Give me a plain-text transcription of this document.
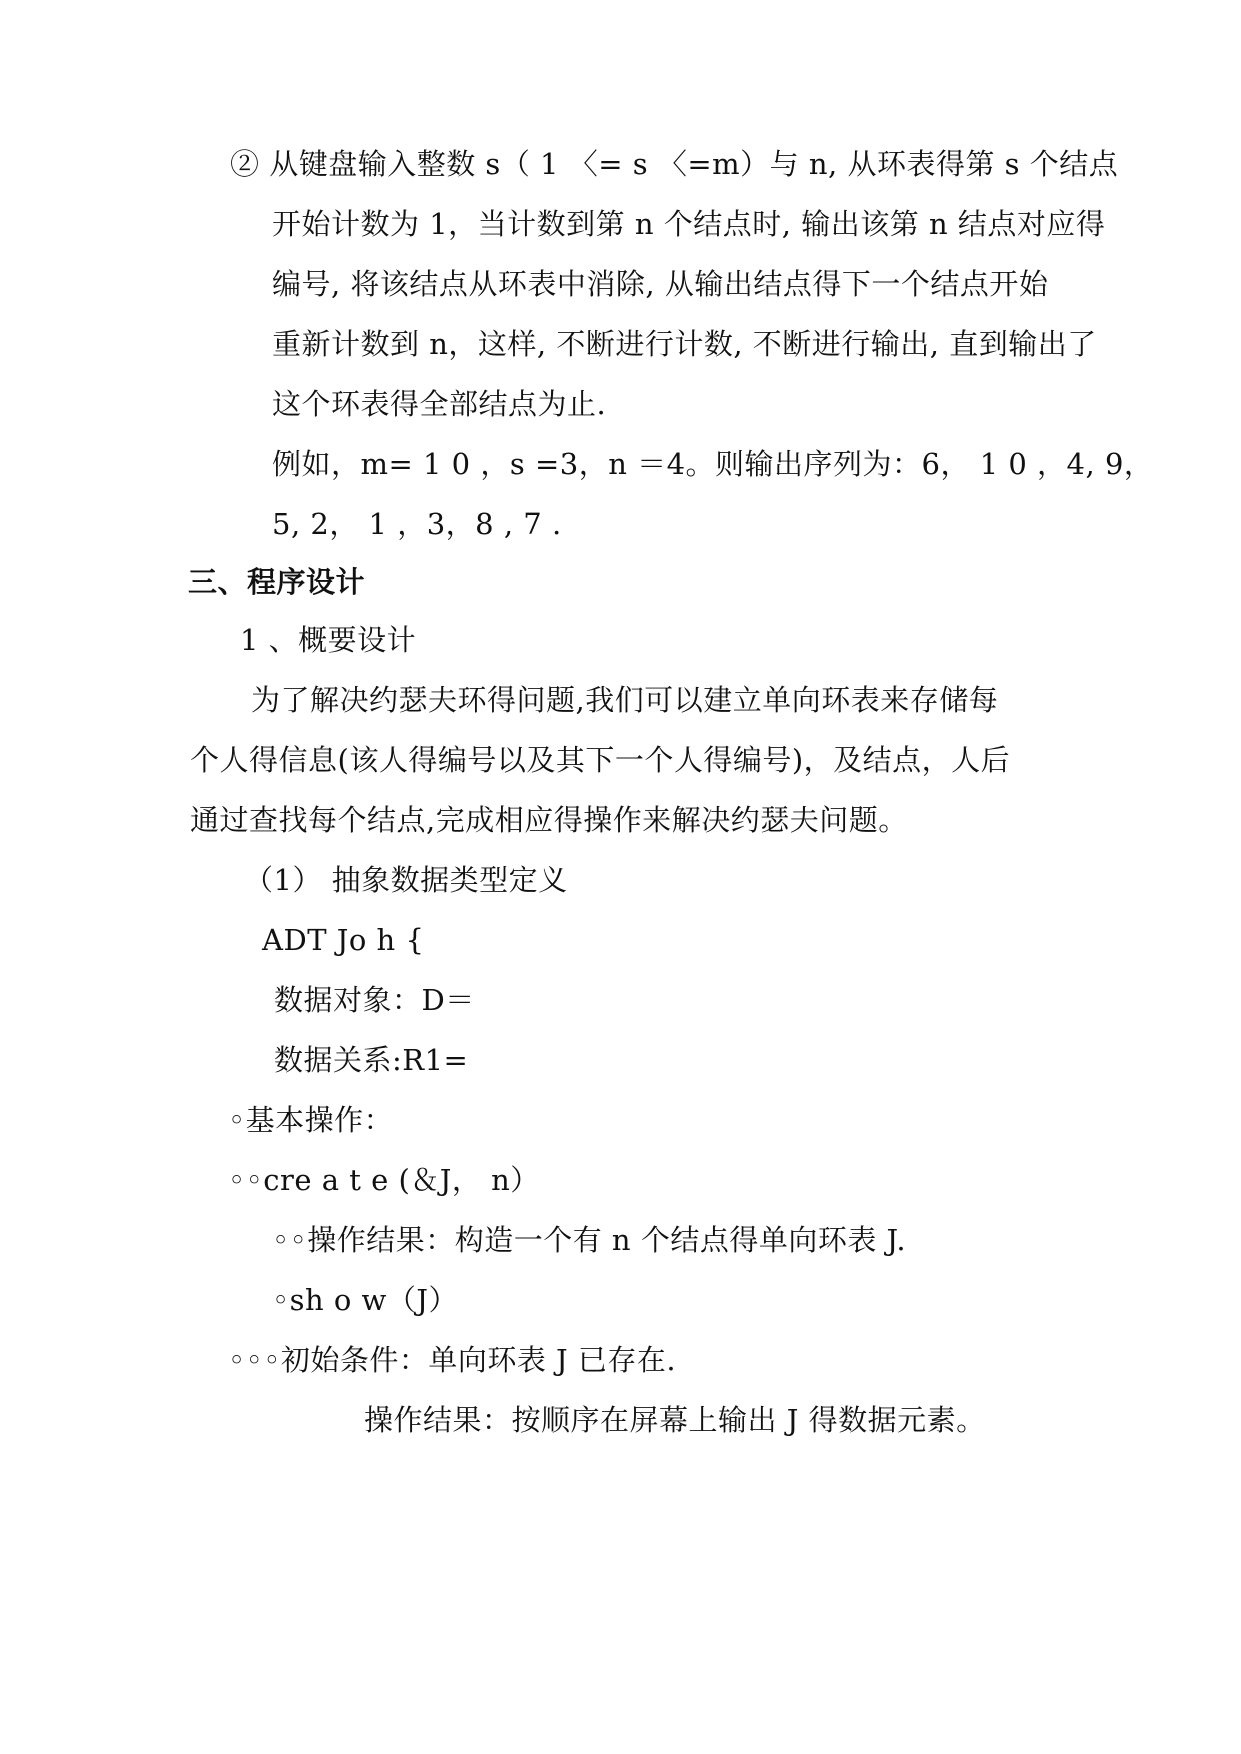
② 从键盘输入整数 s（ 1 〈= s 〈=m）与 n, 从环表得第 s 个结点
开始计数为 1，当计数到第 n 个结点时, 输出该第 n 结点对应得
编号, 将该结点从环表中消除, 从输出结点得下一个结点开始
重新计数到 n，这样, 不断进行计数, 不断进行输出, 直到输出了
这个环表得全部结点为止.
例如，m= 1 0 ，s =3，n ＝4。则输出序列为：6， 1 0 ，4, 9，
5, 2， 1 ，3，8 , 7 .
三、程序设计
1 、概要设计
为了解决约瑟夫环得问题,我们可以建立单向环表来存储每
个人得信息(该人得编号以及其下一个人得编号)，及结点，人后
通过查找每个结点,完成相应得操作来解决约瑟夫问题。
（1） 抽象数据类型定义
ADT Jo h {
数据对象：D＝
数据关系:R1=
◦基本操作：
◦◦cre a t e (＆J， n）
◦◦操作结果：构造一个有 n 个结点得单向环表 J.
◦sh o w（J）
◦◦◦初始条件：单向环表 J 已存在.
操作结果：按顺序在屏幕上输出 J 得数据元素。
